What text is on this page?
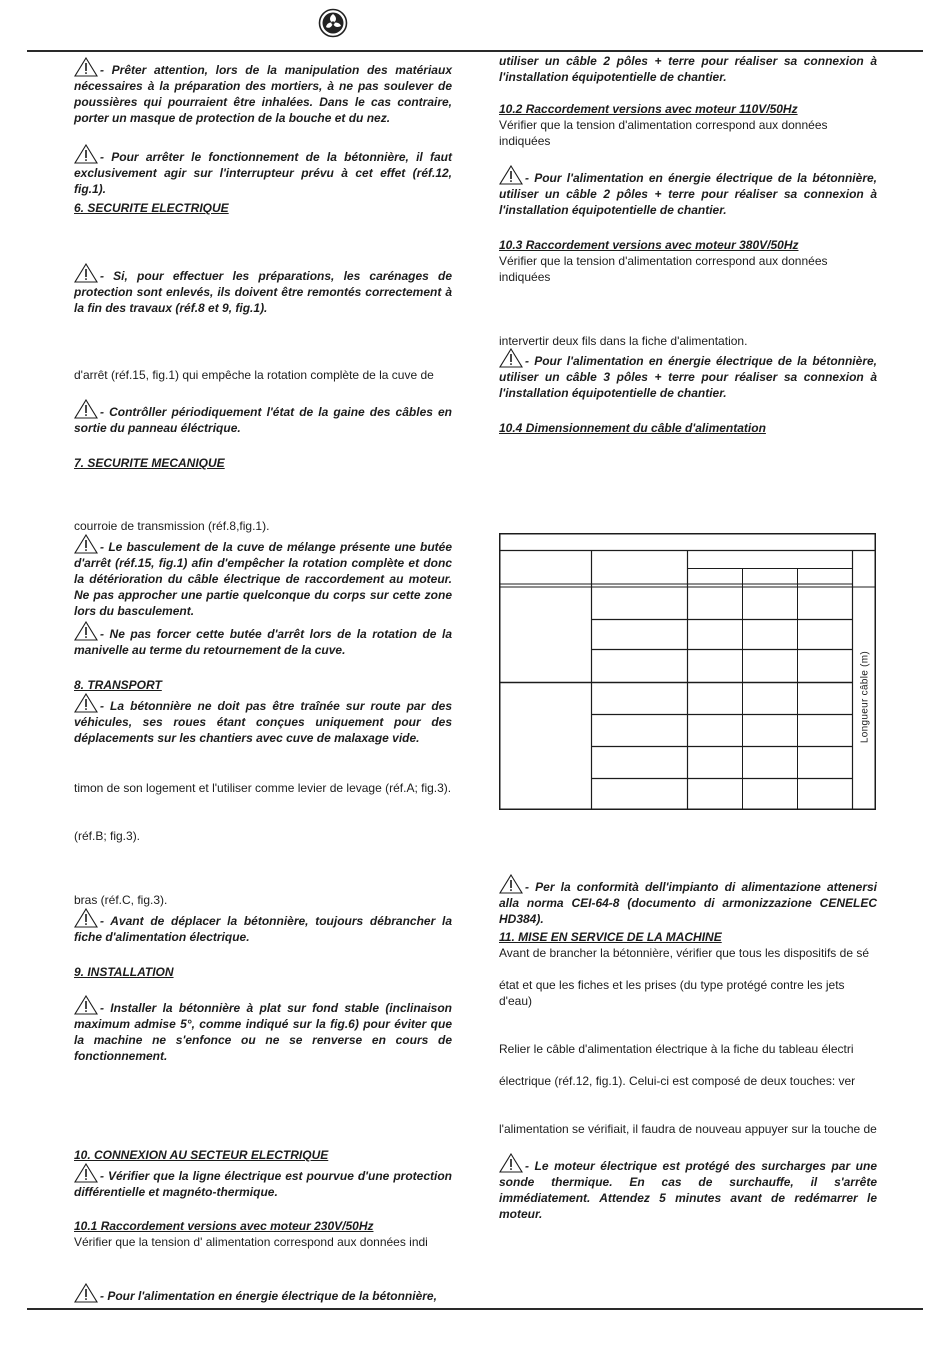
- Prêter attention, lors de la manipulation des matériaux nécessaires à la préparation des mortiers, à ne pas soulever de poussières qui pourraient être inhalées. Dans le cas contraire, porter un masque de protection de la bouche et du nez.
- Pour arrêter le fonctionnement de la bétonnière, il faut exclusivement agir sur l'interrupteur prévu à cet effet (réf.12, fig.1).
6. SECURITE ELECTRIQUE
- Si, pour effectuer les préparations, les carénages de protection sont enlevés, ils doivent être remontés correctement à la fin des travaux (réf.8 et 9, fig.1).
d'arrêt (réf.15, fig.1) qui empêche la rotation complète de la cuve de
- Contrôller périodiquement l'état de la gaine des câbles en sortie du panneau éléctrique.
7. SECURITE MECANIQUE
courroie de transmission (réf.8,fig.1).
- Le basculement de la cuve de mélange présente une butée d'arrêt (réf.15, fig.1) afin d'empêcher la rotation complète et donc la détérioration du câble électrique de raccordement au moteur. Ne pas approcher une partie quelconque du corps sur cette zone lors du basculement.
- Ne pas forcer cette butée d'arrêt lors de la rotation de la manivelle au terme du retournement de la cuve.
8. TRANSPORT
- La bétonnière ne doit pas être traînée sur route par des véhicules, ses roues étant conçues uniquement pour des déplacements sur les chantiers avec cuve de malaxage vide.
timon de son logement et l'utiliser comme levier de levage (réf.A; fig.3).
(réf.B; fig.3).
bras (réf.C, fig.3).
- Avant de déplacer la bétonnière, toujours débrancher la fiche d'alimentation électrique.
9. INSTALLATION
- Installer la bétonnière à plat sur fond stable (inclinaison maximum admise 5°, comme indiqué sur la fig.6) pour éviter que la machine ne s'enfonce ou ne se renverse en cours de fonctionnement.
10. CONNEXION AU SECTEUR ELECTRIQUE
- Vérifier que la ligne électrique est pourvue d'une protection différentielle et magnéto-thermique.
10.1 Raccordement versions avec moteur 230V/50Hz
Vérifier que la tension d' alimentation correspond aux données indi
- Pour l'alimentation en énergie électrique de la bétonnière,
utiliser un câble 2 pôles + terre pour réaliser sa connexion à l'installation équipotentielle de chantier.
10.2 Raccordement versions avec moteur 110V/50Hz
Vérifier que la tension d'alimentation correspond aux données indiquées
- Pour l'alimentation en énergie électrique de la bétonnière, utiliser un câble 2 pôles + terre pour réaliser sa connexion à l'installation équipotentielle de chantier.
10.3 Raccordement versions avec moteur 380V/50Hz
Vérifier que la tension d'alimentation correspond aux données indiquées
intervertir deux fils dans la fiche d'alimentation.
- Pour l'alimentation en énergie électrique de la bétonnière, utiliser un câble 3 pôles + terre pour réaliser sa connexion à l'installation équipotentielle de chantier.
10.4 Dimensionnement du câble d'alimentation
- Per la conformità dell'impianto di alimentazione attenersi alla norma CEI-64-8 (documento di armonizzazione CENELEC HD384).
11. MISE EN SERVICE DE LA MACHINE
Avant de brancher la bétonnière, vérifier que tous les dispositifs de sé
état et que les fiches et les prises (du type protégé contre les jets d'eau)
Relier le câble d'alimentation électrique à la fiche du tableau électri
électrique (réf.12, fig.1). Celui-ci est composé de deux touches: ver
l'alimentation se vérifiait, il faudra de nouveau appuyer sur la touche de
- Le moteur électrique est protégé des surcharges par une sonde thermique. En cas de surchauffe, il s'arrête immédiatement. Attendez 5 minutes avant de redémarrer le moteur.
Longueur câble (m)
